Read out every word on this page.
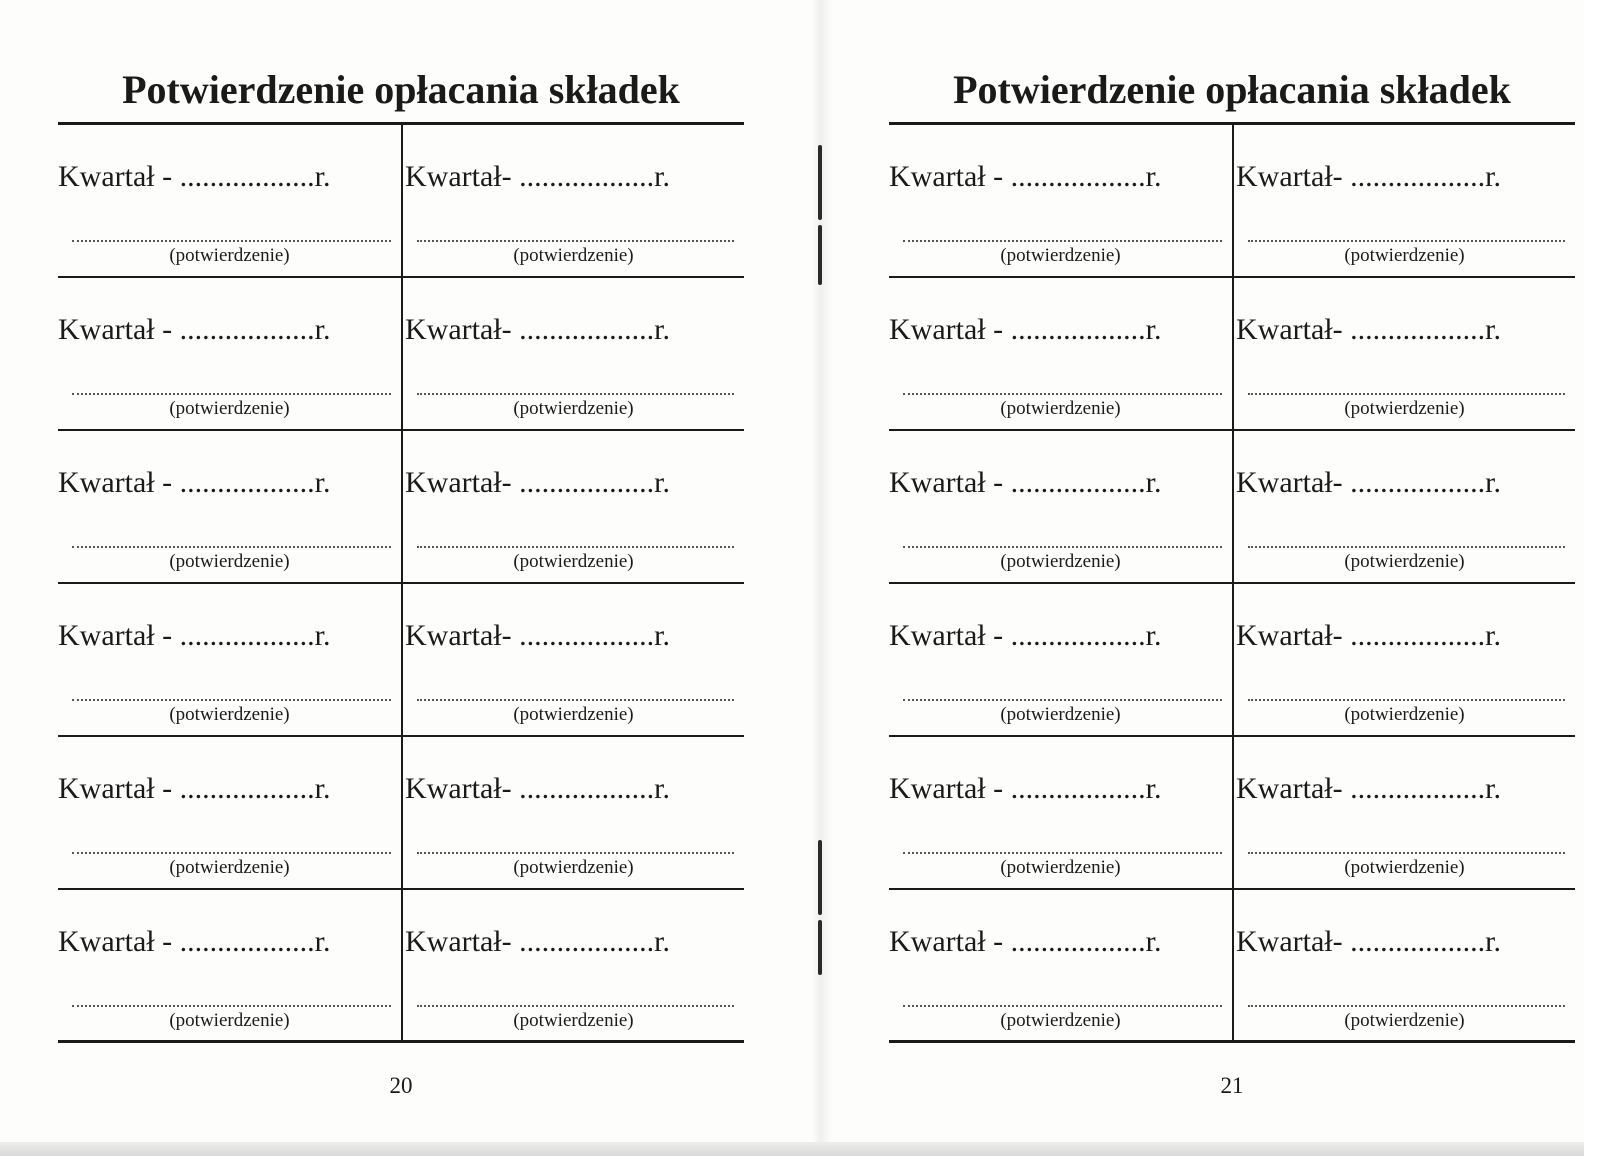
Potwierdzenie opłacania składek
Kwartał - ..................r.
(potwierdzenie)
Kwartał- ..................r.
(potwierdzenie)
Kwartał - ..................r.
(potwierdzenie)
Kwartał- ..................r.
(potwierdzenie)
Kwartał - ..................r.
(potwierdzenie)
Kwartał- ..................r.
(potwierdzenie)
Kwartał - ..................r.
(potwierdzenie)
Kwartał- ..................r.
(potwierdzenie)
Kwartał - ..................r.
(potwierdzenie)
Kwartał- ..................r.
(potwierdzenie)
Kwartał - ..................r.
(potwierdzenie)
Kwartał- ..................r.
(potwierdzenie)
20
Potwierdzenie opłacania składek
Kwartał - ..................r.
(potwierdzenie)
Kwartał- ..................r.
(potwierdzenie)
Kwartał - ..................r.
(potwierdzenie)
Kwartał- ..................r.
(potwierdzenie)
Kwartał - ..................r.
(potwierdzenie)
Kwartał- ..................r.
(potwierdzenie)
Kwartał - ..................r.
(potwierdzenie)
Kwartał- ..................r.
(potwierdzenie)
Kwartał - ..................r.
(potwierdzenie)
Kwartał- ..................r.
(potwierdzenie)
Kwartał - ..................r.
(potwierdzenie)
Kwartał- ..................r.
(potwierdzenie)
21
